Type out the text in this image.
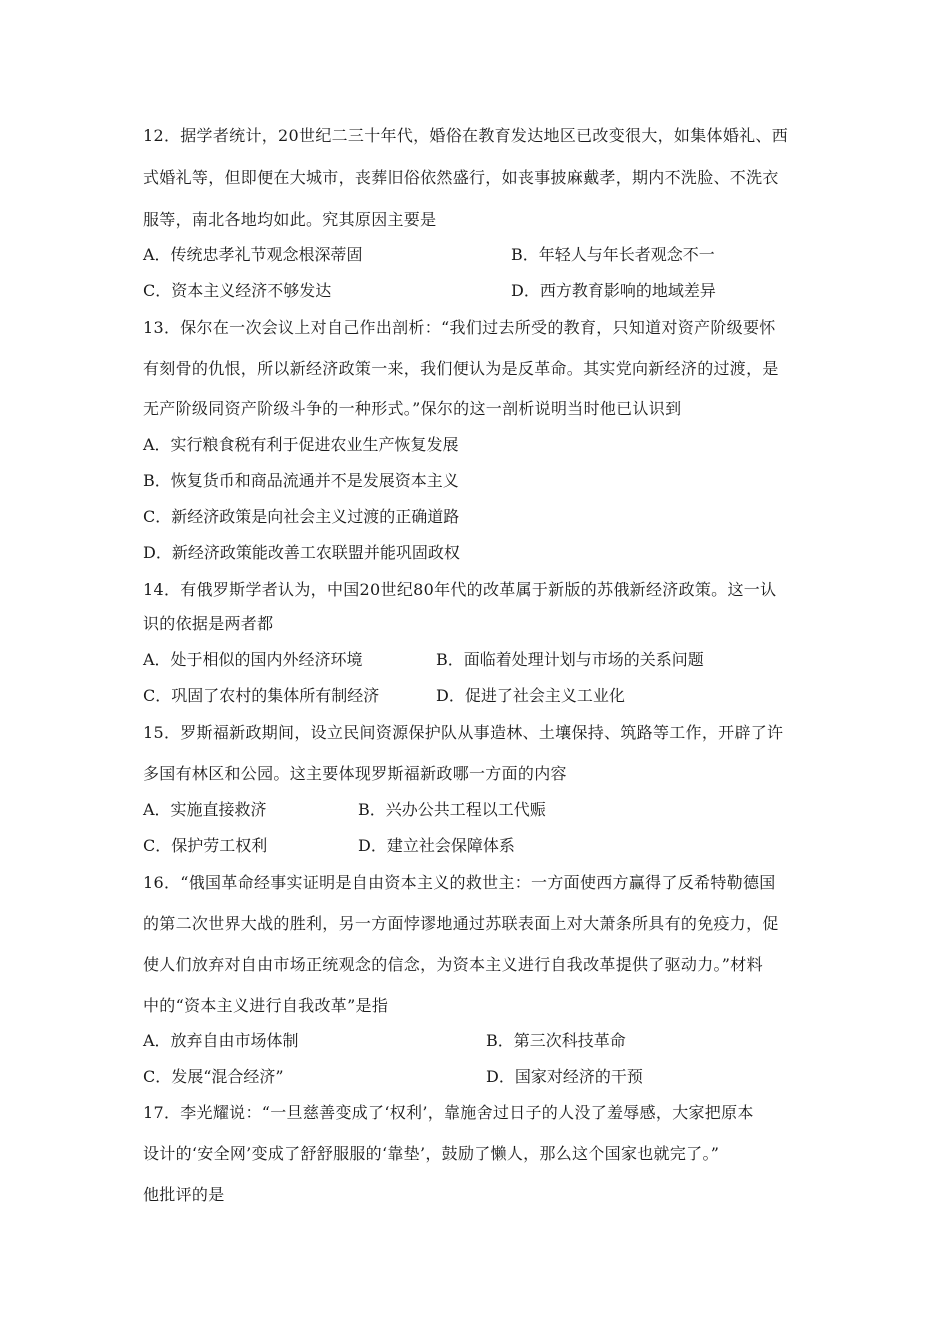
12．据学者统计，20世纪二三十年代，婚俗在教育发达地区已改变很大，如集体婚礼、西
式婚礼等，但即便在大城市，丧葬旧俗依然盛行，如丧事披麻戴孝，期内不洗脸、不洗衣
服等，南北各地均如此。究其原因主要是
A．传统忠孝礼节观念根深蒂固	B．年轻人与年长者观念不一
C．资本主义经济不够发达	D．西方教育影响的地域差异
13．保尔在一次会议上对自己作出剖析：“我们过去所受的教育，只知道对资产阶级要怀
有刻骨的仇恨，所以新经济政策一来，我们便认为是反革命。其实党向新经济的过渡，是
无产阶级同资产阶级斗争的一种形式。”保尔的这一剖析说明当时他已认识到
A．实行粮食税有利于促进农业生产恢复发展
B．恢复货币和商品流通并不是发展资本主义
C．新经济政策是向社会主义过渡的正确道路
D．新经济政策能改善工农联盟并能巩固政权
14．有俄罗斯学者认为，中国20世纪80年代的改革属于新版的苏俄新经济政策。这一认
识的依据是两者都
A．处于相似的国内外经济环境	B．面临着处理计划与市场的关系问题
C．巩固了农村的集体所有制经济	D．促进了社会主义工业化
15．罗斯福新政期间，设立民间资源保护队从事造林、土壤保持、筑路等工作，开辟了许
多国有林区和公园。这主要体现罗斯福新政哪一方面的内容
A．实施直接救济	B．兴办公共工程以工代赈
C．保护劳工权利	D．建立社会保障体系
16．“俄国革命经事实证明是自由资本主义的救世主：一方面使西方赢得了反希特勒德国
的第二次世界大战的胜利，另一方面悖谬地通过苏联表面上对大萧条所具有的免疫力，促
使人们放弃对自由市场正统观念的信念，为资本主义进行自我改革提供了驱动力。”材料
中的“资本主义进行自我改革”是指
A．放弃自由市场体制	B．第三次科技革命
C．发展“混合经济”	D．国家对经济的干预
17．李光耀说：“一旦慈善变成了‘权利’，靠施舍过日子的人没了羞辱感，大家把原本
设计的‘安全网’变成了舒舒服服的‘靠垫’，鼓励了懒人，那么这个国家也就完了。”
他批评的是
